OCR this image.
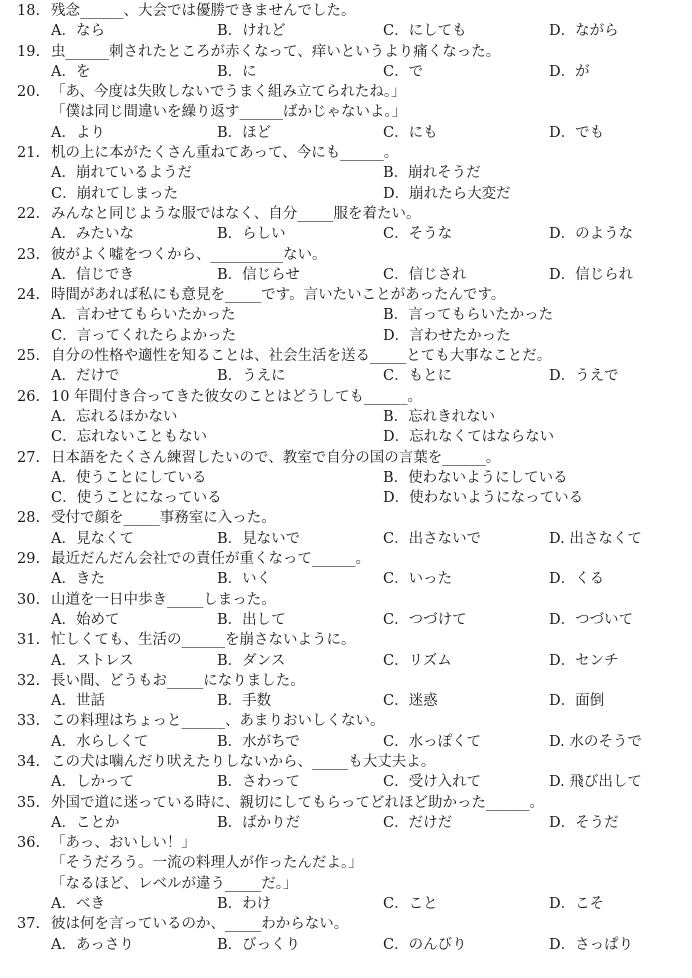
18. 残念______、大会では優勝できませんでした。
A．なら	B．けれど	C．にしても	D．ながら
19. 虫______刺されたところが赤くなって、痒いというより痛くなった。
A．を	B．に	C．で	D．が
20. 「あ、今度は失敗しないでうまく組み立てられたね。」
「僕は同じ間違いを繰り返す______ばかじゃないよ。」
A．より	B．ほど	C．にも	D．でも
21. 机の上に本がたくさん重ねてあって、今にも______。
A．崩れているようだ	B．崩れそうだ
C．崩れてしまった	D．崩れたら大変だ
22. みんなと同じような服ではなく、自分_____服を着たい。
A．みたいな	B．らしい	C．そうな	D．のような
23. 彼がよく嘘をつくから、__________ない。
A．信じでき	B．信じらせ	C．信じされ	D．信じられ
24. 時間があれば私にも意見を_____です。言いたいことがあったんです。
A．言わせてもらいたかった	B．言ってもらいたかった
C．言ってくれたらよかった	D．言わせたかった
25. 自分の性格や適性を知ることは、社会生活を送る_____とても大事なことだ。
A．だけで	B．うえに	C．もとに	D．うえで
26. 10 年間付き合ってきた彼女のことはどうしても______。
A．忘れるほかない	B．忘れきれない
C．忘れないこともない	D．忘れなくてはならない
27. 日本語をたくさん練習したいので、教室で自分の国の言葉を______。
A．使うことにしている	B．使わないようにしている
C．使うことになっている	D．使わないようになっている
28. 受付で顔を_____事務室に入った。
A．見なくて	B．見ないで	C．出さないで	D. 出さなくて
29. 最近だんだん会社での責任が重くなって______。
A．きた	B．いく	C．いった	D．くる
30. 山道を一日中歩き_____しまった。
A．始めて	B．出して	C．つづけて	D．つづいて
31. 忙しくても、生活の______を崩さないように。
A．ストレス	B．ダンス	C．リズム	D．センチ
32. 長い間、どうもお_____になりました。
A．世話	B．手数	C．迷惑	D．面倒
33. この料理はちょっと______、あまりおいしくない。
A．水らしくて	B．水がちで	C．水っぽくて	D. 水のそうで
34. この犬は噛んだり吠えたりしないから、_____も大丈夫よ。
A．しかって	B．さわって	C．受け入れて	D. 飛び出して
35. 外国で道に迷っている時に、親切にしてもらってどれほど助かった______。
A．ことか	B．ばかりだ	C．だけだ	D．そうだ
36. 「あっ、おいしい！」
「そうだろう。一流の料理人が作ったんだよ。」
「なるほど、レベルが違う_____だ。」
A．べき	B．わけ	C．こと	D．こそ
37. 彼は何を言っているのか、_____わからない。
A．あっさり	B．びっくり	C．のんびり	D．さっぱり
